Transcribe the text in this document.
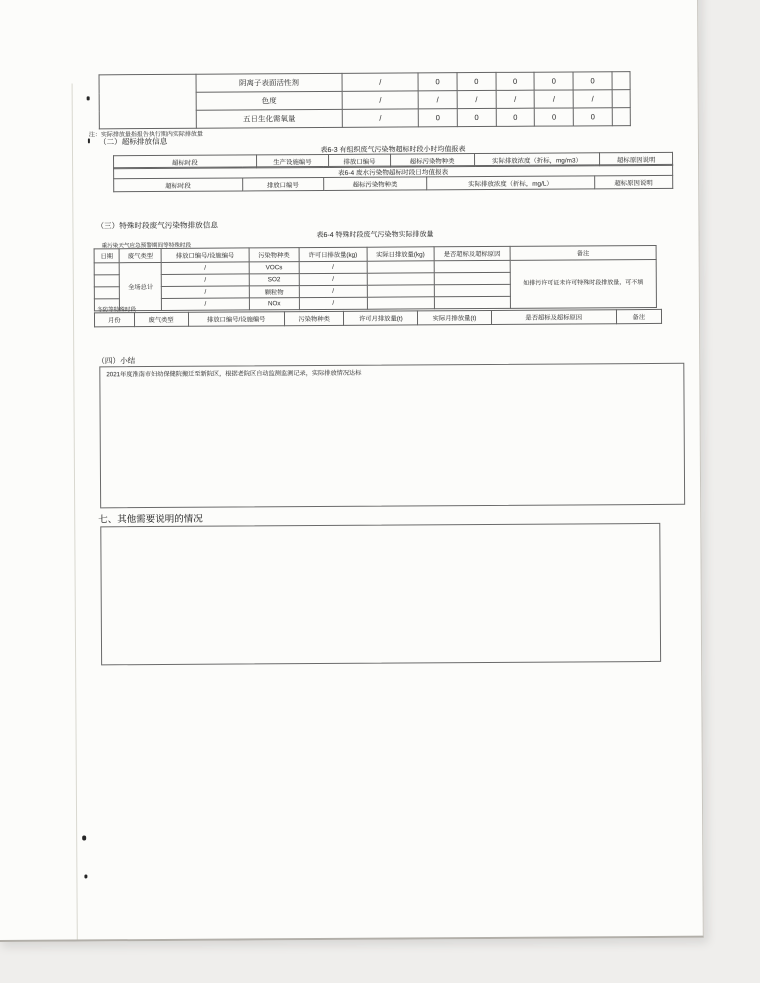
	阴离子表面活性剂	/	0	0	0	0	0	
	色度	/	/	/	/	/	/	
	五日生化需氧量	/	0	0	0	0	0	
注：实际排放量指报告执行期内实际排放量
（二）超标排放信息
表6-3 有组织废气污染物超标时段小时均值报表
超标时段	生产设施编号	排放口编号	超标污染物种类	实际排放浓度（折标，mg/m3）	超标原因说明
表6-4 废水污染物超标时段日均值报表
超标时段	排放口编号	超标污染物种类	实际排放浓度（折标，mg/L）	超标原因说明
（三）特殊时段废气污染物排放信息
表6-4 特殊时段废气污染物实际排放量
重污染天气应急预警期间等特殊时段
日期	废气类型	排放口编号/设施编号	污染物种类	许可日排放量(kg)	实际日排放量(kg)	是否超标及超标原因	备注
	全场总计	/	VOCs	/			如排污许可证未许可特殊时段排放量，可不填
		/	SO2	/			
		/	颗粒物	/			
		/	NOx	/			
冬防等特殊时段
月份	废气类型	排放口编号/设施编号	污染物种类	许可月排放量(t)	实际月排放量(t)	是否超标及超标原因	备注
（四）小结
2021年度淮南市妇幼保健院搬迁至新院区，根据老院区自动监测监测记录，实际排放情况达标
七、其他需要说明的情况
